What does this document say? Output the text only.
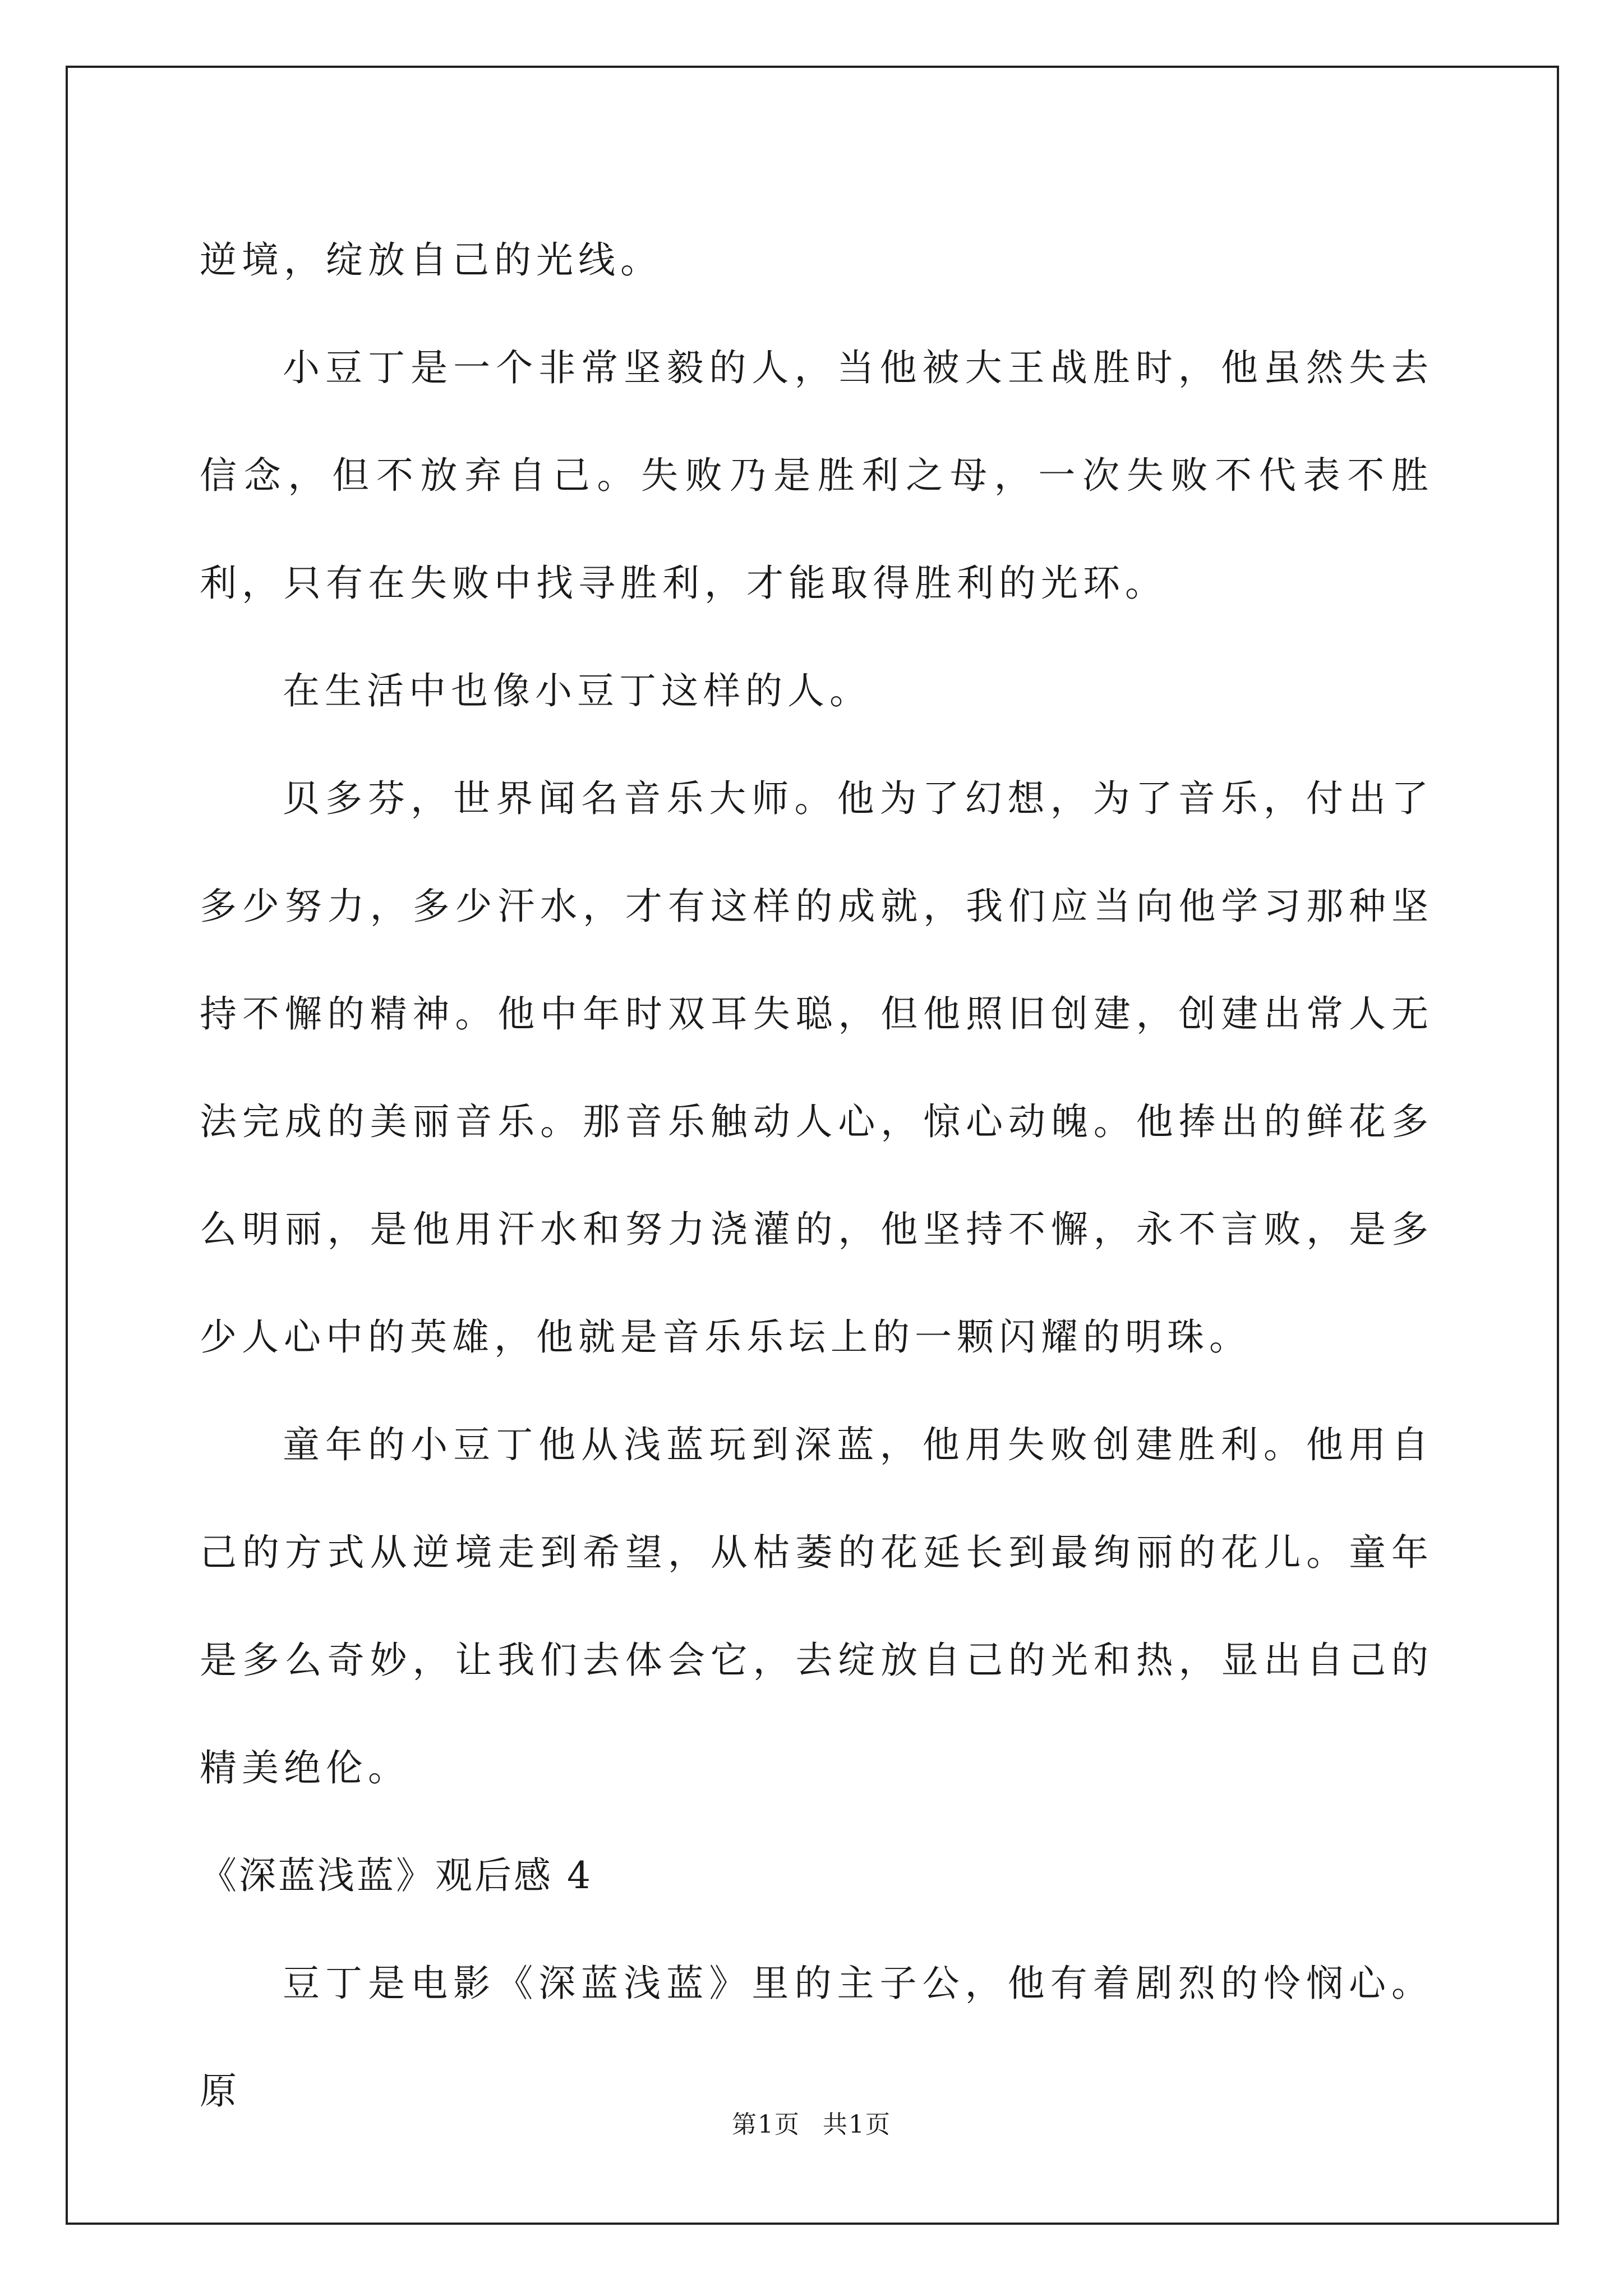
逆境，绽放自己的光线。

小豆丁是一个非常坚毅的人，当他被大王战胜时，他虽然失去信念，但不放弃自己。失败乃是胜利之母，一次失败不代表不胜利，只有在失败中找寻胜利，才能取得胜利的光环。

在生活中也像小豆丁这样的人。

贝多芬，世界闻名音乐大师。他为了幻想，为了音乐，付出了多少努力，多少汗水，才有这样的成就，我们应当向他学习那种坚持不懈的精神。他中年时双耳失聪，但他照旧创建，创建出常人无法完成的美丽音乐。那音乐触动人心，惊心动魄。他捧出的鲜花多么明丽，是他用汗水和努力浇灌的，他坚持不懈，永不言败，是多少人心中的英雄，他就是音乐乐坛上的一颗闪耀的明珠。

童年的小豆丁他从浅蓝玩到深蓝，他用失败创建胜利。他用自己的方式从逆境走到希望，从枯萎的花延长到最绚丽的花儿。童年是多么奇妙，让我们去体会它，去绽放自己的光和热，显出自己的精美绝伦。

《深蓝浅蓝》观后感 4

豆丁是电影《深蓝浅蓝》里的主子公，他有着剧烈的怜悯心。原

第1页 共1页
